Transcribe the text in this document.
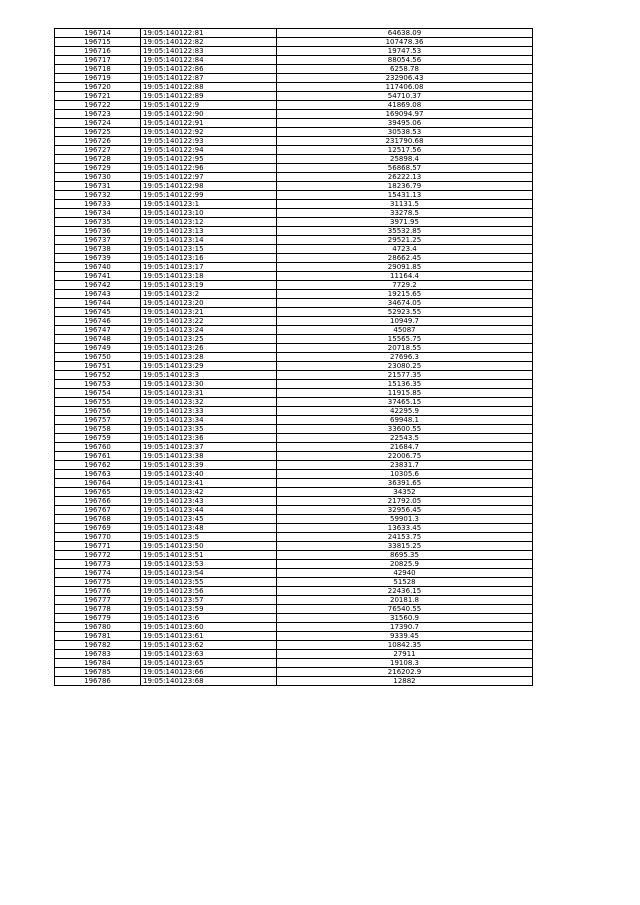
196714	19:05:140122:81	64638.09
196715	19:05:140122:82	107478.36
196716	19:05:140122:83	19747.53
196717	19:05:140122:84	88054.56
196718	19:05:140122:86	6258.78
196719	19:05:140122:87	232906.43
196720	19:05:140122:88	117406.08
196721	19:05:140122:89	54710.37
196722	19:05:140122:9	41869.08
196723	19:05:140122:90	169094.97
196724	19:05:140122:91	39495.06
196725	19:05:140122:92	30538.53
196726	19:05:140122:93	231790.68
196727	19:05:140122:94	12517.56
196728	19:05:140122:95	25898.4
196729	19:05:140122:96	56868.57
196730	19:05:140122:97	26222.13
196731	19:05:140122:98	18236.79
196732	19:05:140122:99	15431.13
196733	19:05:140123:1	31131.5
196734	19:05:140123:10	33278.5
196735	19:05:140123:12	3971.95
196736	19:05:140123:13	35532.85
196737	19:05:140123:14	29521.25
196738	19:05:140123:15	4723.4
196739	19:05:140123:16	28662.45
196740	19:05:140123:17	29091.85
196741	19:05:140123:18	11164.4
196742	19:05:140123:19	7729.2
196743	19:05:140123:2	19215.65
196744	19:05:140123:20	34674.05
196745	19:05:140123:21	52923.55
196746	19:05:140123:22	10949.7
196747	19:05:140123:24	45087
196748	19:05:140123:25	15565.75
196749	19:05:140123:26	20718.55
196750	19:05:140123:28	27696.3
196751	19:05:140123:29	23080.25
196752	19:05:140123:3	21577.35
196753	19:05:140123:30	15136.35
196754	19:05:140123:31	11915.85
196755	19:05:140123:32	37465.15
196756	19:05:140123:33	42295.9
196757	19:05:140123:34	69948.1
196758	19:05:140123:35	33600.55
196759	19:05:140123:36	22543.5
196760	19:05:140123:37	21684.7
196761	19:05:140123:38	22006.75
196762	19:05:140123:39	23831.7
196763	19:05:140123:40	10305.6
196764	19:05:140123:41	36391.65
196765	19:05:140123:42	34352
196766	19:05:140123:43	21792.05
196767	19:05:140123:44	32956.45
196768	19:05:140123:45	59901.3
196769	19:05:140123:48	13633.45
196770	19:05:140123:5	24153.75
196771	19:05:140123:50	33815.25
196772	19:05:140123:51	8695.35
196773	19:05:140123:53	20825.9
196774	19:05:140123:54	42940
196775	19:05:140123:55	51528
196776	19:05:140123:56	22436.15
196777	19:05:140123:57	20181.8
196778	19:05:140123:59	76540.55
196779	19:05:140123:6	31560.9
196780	19:05:140123:60	17390.7
196781	19:05:140123:61	9339.45
196782	19:05:140123:62	10842.35
196783	19:05:140123:63	27911
196784	19:05:140123:65	19108.3
196785	19:05:140123:66	216202.9
196786	19:05:140123:68	12882
